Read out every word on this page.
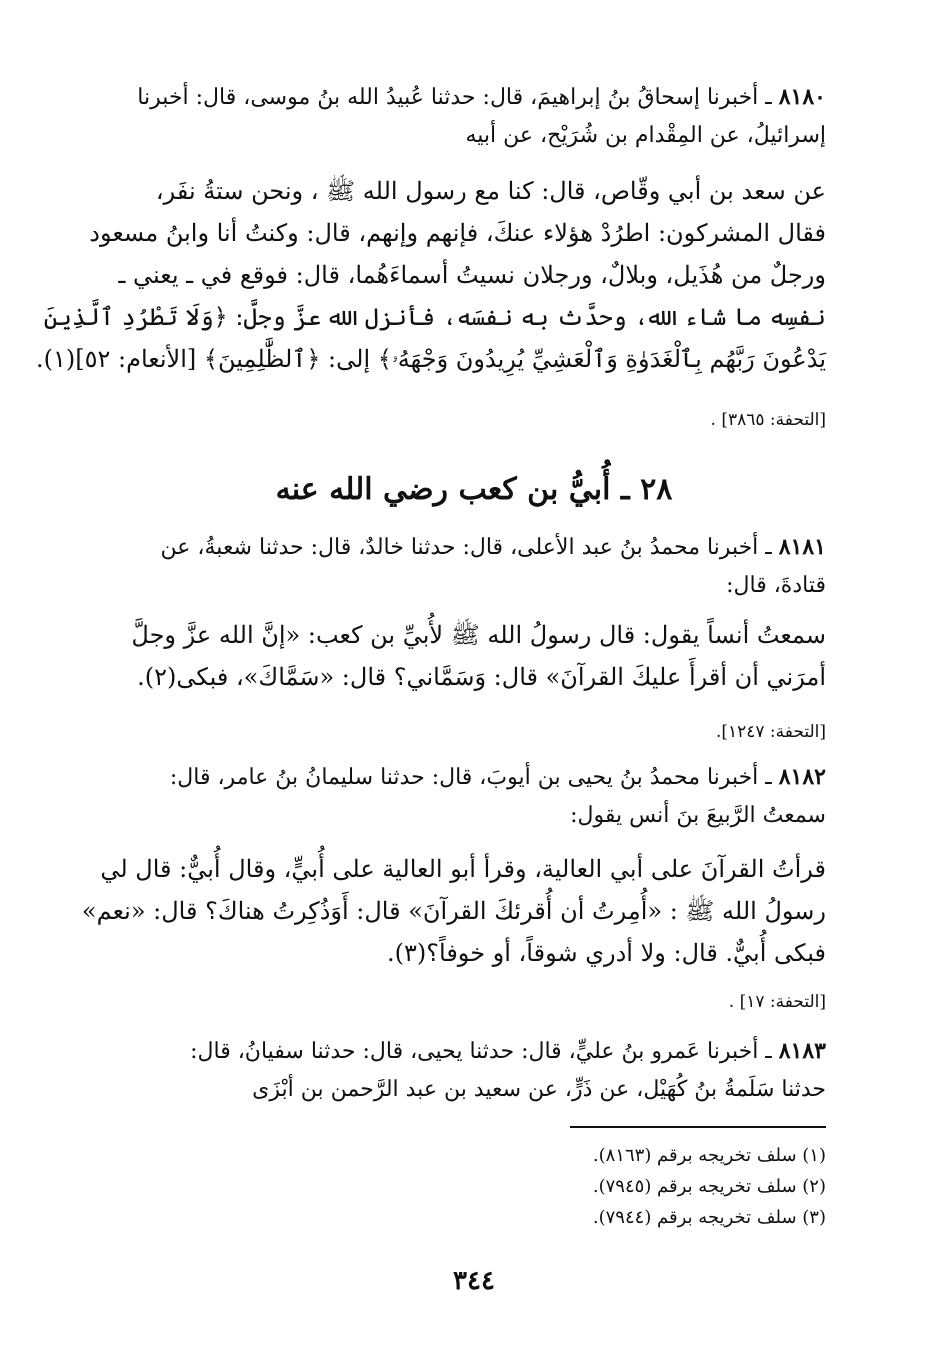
٨١٨٠ ـ أخبرنا إسحاقُ بنُ إبراهيمَ، قال: حدثنا عُبيدُ الله بنُ موسى، قال: أخبرنا
إسرائيلُ، عن المِقْدام بن شُرَيْح، عن أبيه
عن سعد بن أبي وقّاص، قال: كنا مع رسول الله ﷺ ، ونحن ستةُ نفَر،
فقال المشركون: اطرُدْ هؤلاء عنكَ، فإنهم وإنهم، قال: وكنتُ أنا وابنُ مسعود
ورجلٌ من هُذَيل، وبلالٌ، ورجلان نسيتُ أسماءَهُما، قال: فوقع في ـ يعني ـ
نفسِه ما شاء الله، وحدَّث به نفسَه، فأنزل الله عزَّ وجلَّ: ﴿وَلَا تَطْرُدِ ٱلَّذِينَ
يَدْعُونَ رَبَّهُم بِٱلْغَدَوٰةِ وَٱلْعَشِيِّ يُرِيدُونَ وَجْهَهُۥ﴾ إلى: ﴿ٱلظَّٰلِمِينَ﴾ [الأنعام: ٥٢](١).
[التحفة: ٣٨٦٥] .
٢٨ ـ أُبيُّ بن كعب رضي الله عنه
٨١٨١ ـ أخبرنا محمدُ بنُ عبد الأعلى، قال: حدثنا خالدٌ، قال: حدثنا شعبةُ، عن
قتادةَ، قال:
سمعتُ أنساً يقول: قال رسولُ الله ﷺ لأُبيِّ بن كعب: «إنَّ الله عزَّ وجلَّ
أمرَني أن أقرأَ عليكَ القرآنَ» قال: وَسَمَّاني؟ قال: «سَمَّاكَ»، فبكى(٢).
[التحفة: ١٢٤٧].
٨١٨٢ ـ أخبرنا محمدُ بنُ يحيى بن أيوبَ، قال: حدثنا سليمانُ بنُ عامر، قال:
سمعتُ الرَّبيعَ بنَ أنس يقول:
قرأتُ القرآنَ على أبي العالية، وقرأ أبو العالية على أُبيٍّ، وقال أُبيٌّ: قال لي
رسولُ الله ﷺ : «أُمِرتُ أن أُقرئكَ القرآنَ» قال: أَوَذُكِرتُ هناكَ؟ قال: «نعم»
فبكى أُبيٌّ. قال: ولا أدري شوقاً، أو خوفاً؟(٣).
[التحفة: ١٧] .
٨١٨٣ ـ أخبرنا عَمرو بنُ عليٍّ، قال: حدثنا يحيى، قال: حدثنا سفيانُ، قال:
حدثنا سَلَمةُ بنُ كُهَيْل، عن ذَرٍّ، عن سعيد بن عبد الرَّحمن بن أبْزَى
(١) سلف تخريجه برقم (٨١٦٣).
(٢) سلف تخريجه برقم (٧٩٤٥).
(٣) سلف تخريجه برقم (٧٩٤٤).
٣٤٤
